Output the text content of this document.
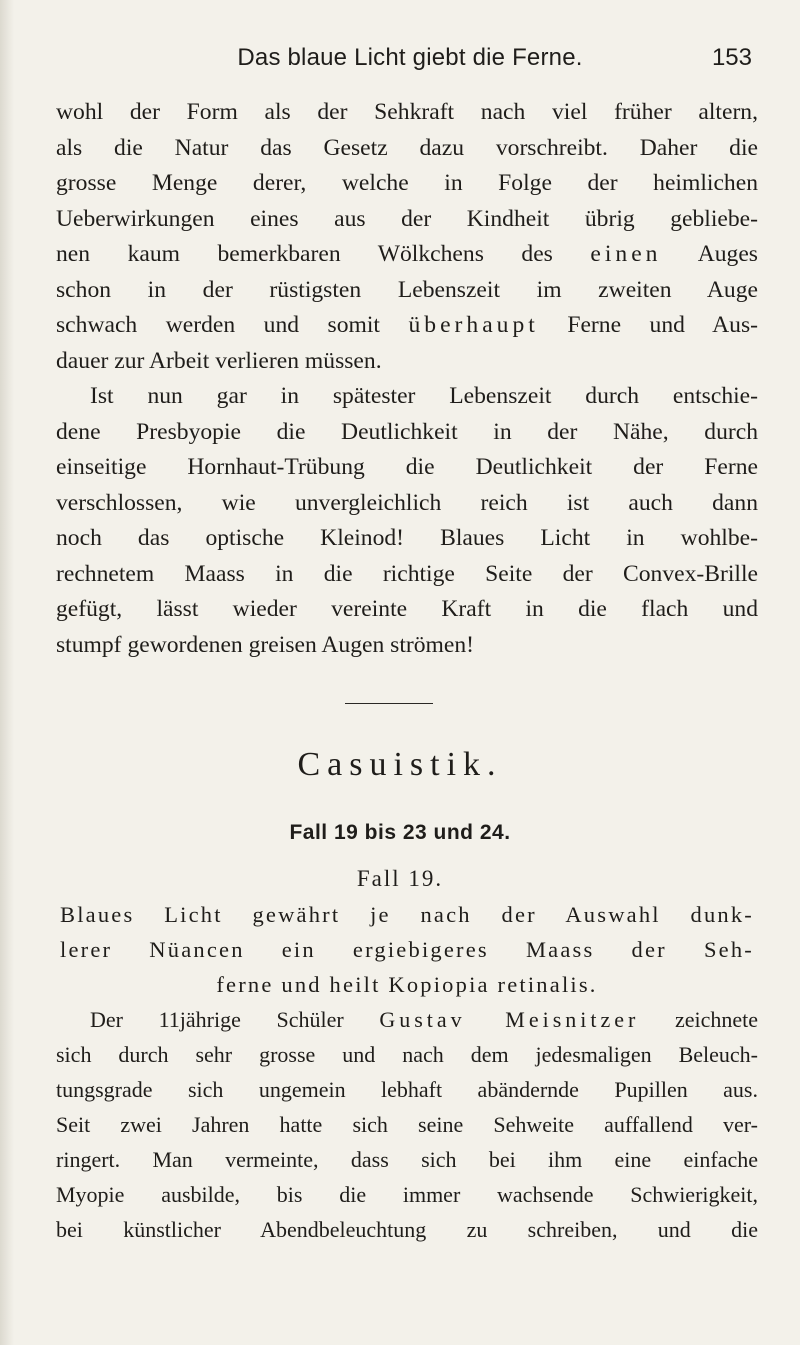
Das blaue Licht giebt die Ferne.	153
wohl der Form als der Sehkraft nach viel früher altern,
als die Natur das Gesetz dazu vorschreibt. Daher die
grosse Menge derer, welche in Folge der heimlichen
Ueberwirkungen eines aus der Kindheit übrig gebliebe-
nen kaum bemerkbaren Wölkchens des einen Auges
schon in der rüstigsten Lebenszeit im zweiten Auge
schwach werden und somit überhaupt Ferne und Aus-
dauer zur Arbeit verlieren müssen.
Ist nun gar in spätester Lebenszeit durch entschie-
dene Presbyopie die Deutlichkeit in der Nähe, durch
einseitige Hornhaut-Trübung die Deutlichkeit der Ferne
verschlossen, wie unvergleichlich reich ist auch dann
noch das optische Kleinod! Blaues Licht in wohlbe-
rechnetem Maass in die richtige Seite der Convex-Brille
gefügt, lässt wieder vereinte Kraft in die flach und
stumpf gewordenen greisen Augen strömen!
Casuistik.
Fall 19 bis 23 und 24.
Fall 19.
Blaues Licht gewährt je nach der Auswahl dunk-
lerer Nüancen ein ergiebigeres Maass der Seh-
ferne und heilt Kopiopia retinalis.
Der 11jährige Schüler Gustav Meisnitzer zeichnete
sich durch sehr grosse und nach dem jedesmaligen Beleuch-
tungsgrade sich ungemein lebhaft abändernde Pupillen aus.
Seit zwei Jahren hatte sich seine Sehweite auffallend ver-
ringert. Man vermeinte, dass sich bei ihm eine einfache
Myopie ausbilde, bis die immer wachsende Schwierigkeit,
bei künstlicher Abendbeleuchtung zu schreiben, und die
